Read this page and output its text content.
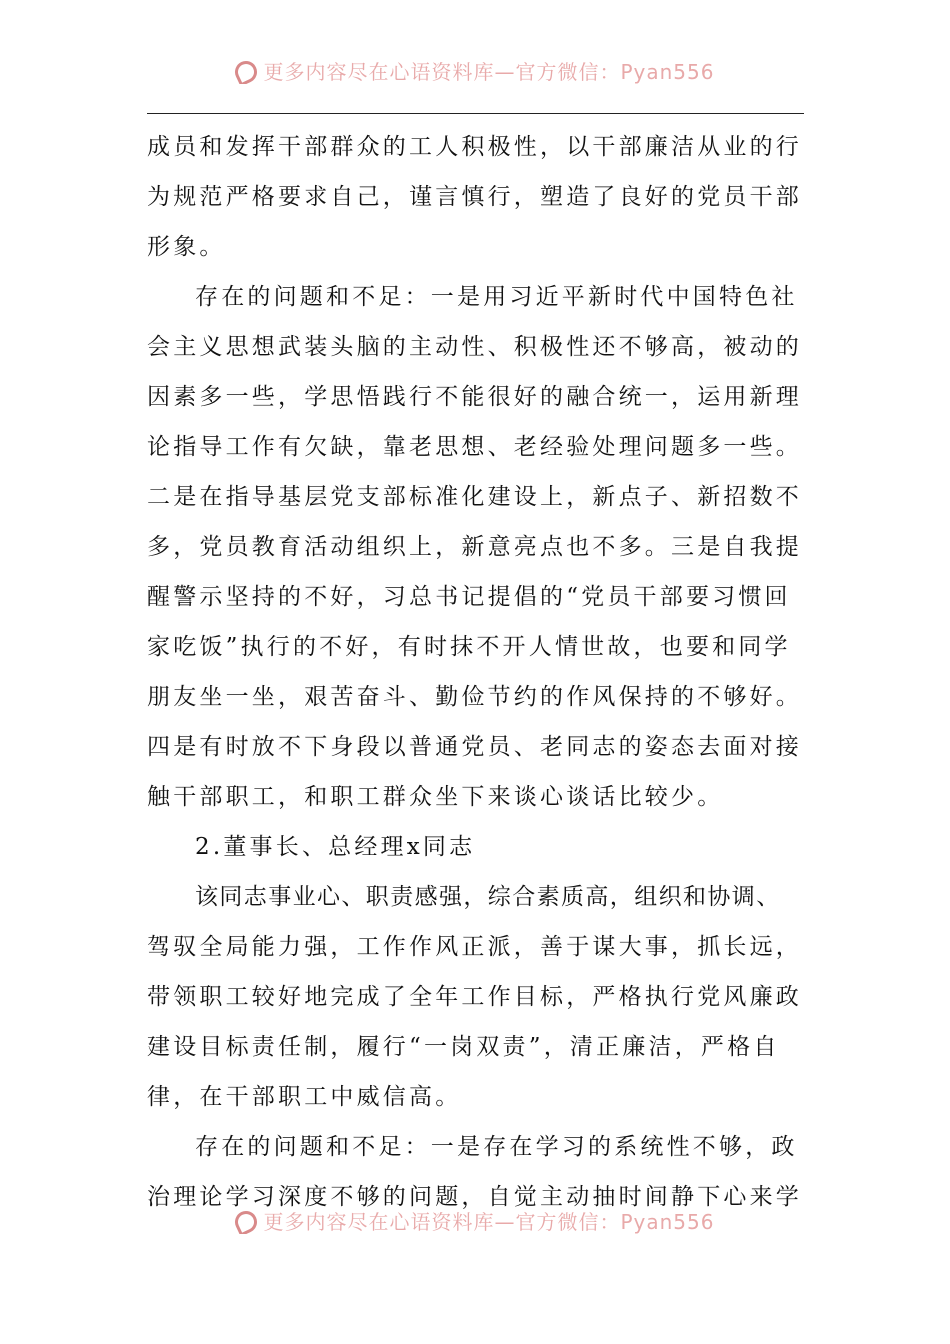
更多内容尽在心语资料库—官方微信：Pyan556
成员和发挥干部群众的工人积极性，以干部廉洁从业的行
为规范严格要求自己，谨言慎行，塑造了良好的党员干部
形象。
存在的问题和不足：一是用习近平新时代中国特色社
会主义思想武装头脑的主动性、积极性还不够高，被动的
因素多一些，学思悟践行不能很好的融合统一，运用新理
论指导工作有欠缺，靠老思想、老经验处理问题多一些。
二是在指导基层党支部标准化建设上，新点子、新招数不
多，党员教育活动组织上，新意亮点也不多。三是自我提
醒警示坚持的不好，习总书记提倡的“党员干部要习惯回
家吃饭”执行的不好，有时抹不开人情世故，也要和同学
朋友坐一坐，艰苦奋斗、勤俭节约的作风保持的不够好。
四是有时放不下身段以普通党员、老同志的姿态去面对接
触干部职工，和职工群众坐下来谈心谈话比较少。
2.董事长、总经理x同志
该同志事业心、职责感强，综合素质高，组织和协调、
驾驭全局能力强，工作作风正派，善于谋大事，抓长远，
带领职工较好地完成了全年工作目标，严格执行党风廉政
建设目标责任制，履行“一岗双责”，清正廉洁，严格自
律，在干部职工中威信高。
存在的问题和不足：一是存在学习的系统性不够，政
治理论学习深度不够的问题，自觉主动抽时间静下心来学
更多内容尽在心语资料库—官方微信：Pyan556
